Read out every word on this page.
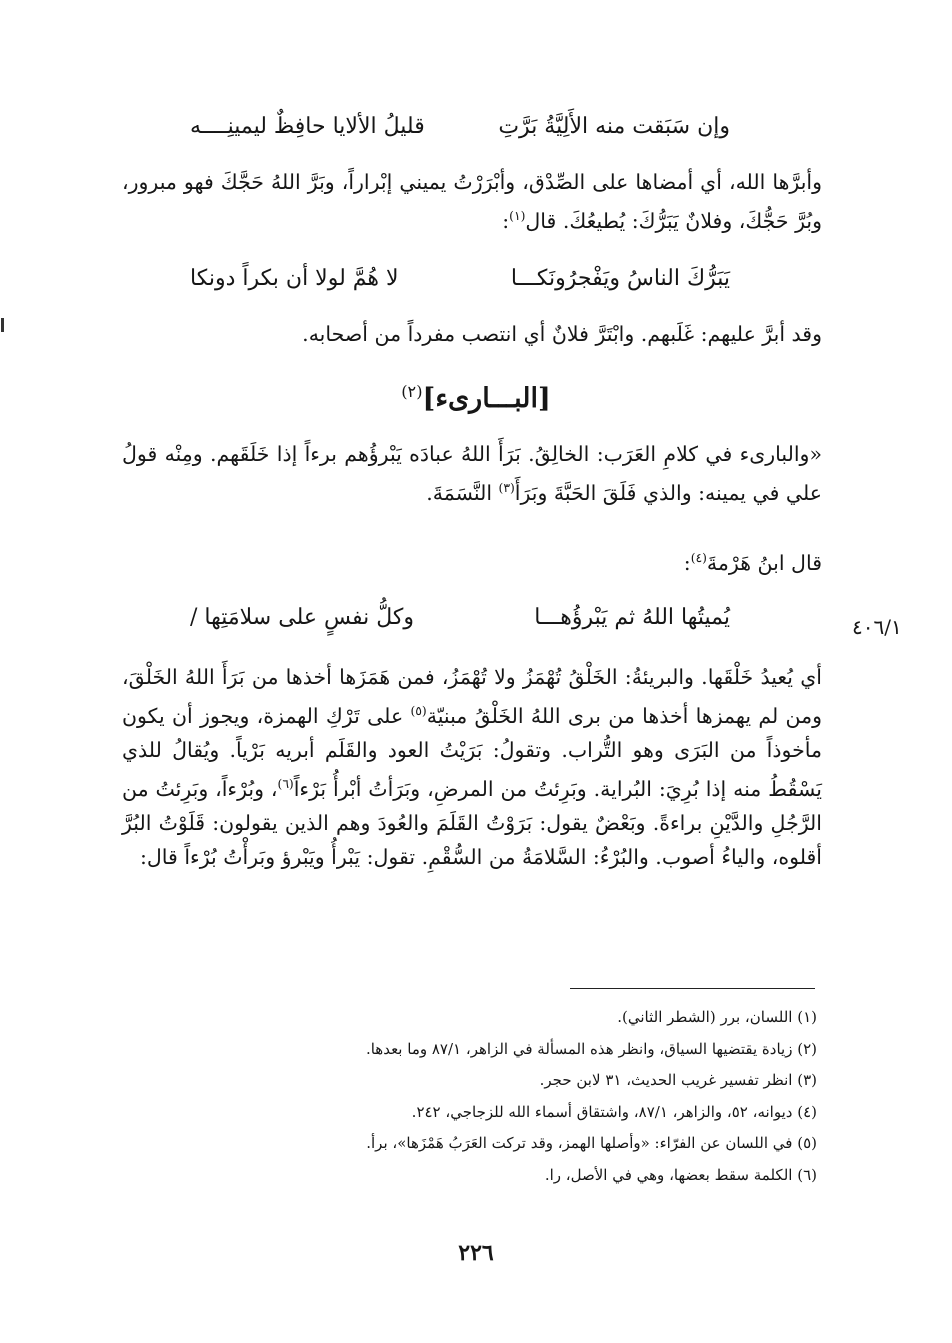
قليلُ الألايا حافِظٌ ليمينِــــه	وإن سَبَقت منه الأَلِيَّةُ بَرَّتِ

وأبرَّها الله، أي أمضاها على الصِّدْق، وأبْرَرْتُ يميني إبْراراً، وبَرَّ اللهُ حَجَّكَ فهو مبرور، وبُرَّ حَجُّكَ، وفلانٌ يَبَرُّكَ: يُطيعُكَ. قال$^{(١)}$:

لا هُمَّ لولا أن بكراً دونكا	يَبَرُّكَ الناسُ ويَفْجرُونَكـــا

وقد أبرَّ عليهم: غَلَبهم. وابْتَرَّ فلانٌ أي انتصب مفرداً من أصحابه.

[البـــارىء]$^{(٢)}$

«والبارىء في كلامِ العَرَب: الخالِقُ. بَرَأَ اللهُ عبادَه يَبْرؤُهم برءاً إذا خَلَقَهم. ومِنْه قولُ علي في يمينه: والذي فَلَقَ الحَبَّةَ وبَرَأَ$^{(٣)}$ النَّسَمَةَ.

قال ابنُ هَرْمةَ$^{(٤)}$:

وكلُّ نفسٍ على سلامَتِها /	يُميتُها اللهُ ثم يَبْرؤُهـــا	٤٠٦/١

أي يُعيدُ خَلْقَها. والبريئةُ: الخَلْقُ تُهْمَزُ ولا تُهْمَزُ، فمن هَمَزَها أخذها من بَرَأَ اللهُ الخَلْقَ، ومن لم يهمزها أخذها من برى اللهُ الخَلْقُ مبنيّة$^{(٥)}$ على تَرْكِ الهمزة، ويجوز أن يكون مأخوذاً من البَرَى وهو التُّراب. وتقولُ: بَرَيْتُ العود والقَلَم أبريه بَرْياً. ويُقالُ للذي يَسْقُطُ منه إذا بُرِيَ: البُراية. وبَرِئتُ من المرضِ، وبَرَأتُ أبْرأُ بَرْءاً$^{(٦)}$، وبُرْءاً، وبَرِئتُ من الرَّجُلِ والدَّيْنِ براءةً. وبَعْضٌ يقول: بَرَوْتُ القَلَمَ والعُودَ وهم الذين يقولون: قَلَوْتُ البُرَّ أقلوه، والياءُ أصوب. والبُرْءُ: السَّلامَةُ من السُّقْمِ. تقول: يَبْرأُ ويَبْرؤ وبَرأْتُ بُرْءاً قال:

(١) اللسان، برر (الشطر الثاني).

(٢) زيادة يقتضيها السياق، وانظر هذه المسألة في الزاهر، ٨٧/١ وما بعدها.

(٣) انظر تفسير غريب الحديث، ٣١ لابن حجر.

(٤) ديوانه، ٥٢، والزاهر، ٨٧/١، واشتقاق أسماء الله للزجاجي، ٢٤٢.

(٥) في اللسان عن الفرّاء: «وأصلها الهمز، وقد تركت العَرَبُ هَمْزَها»، برأ.

(٦) الكلمة سقط بعضها، وهي في الأصل، را.

٢٢٦
